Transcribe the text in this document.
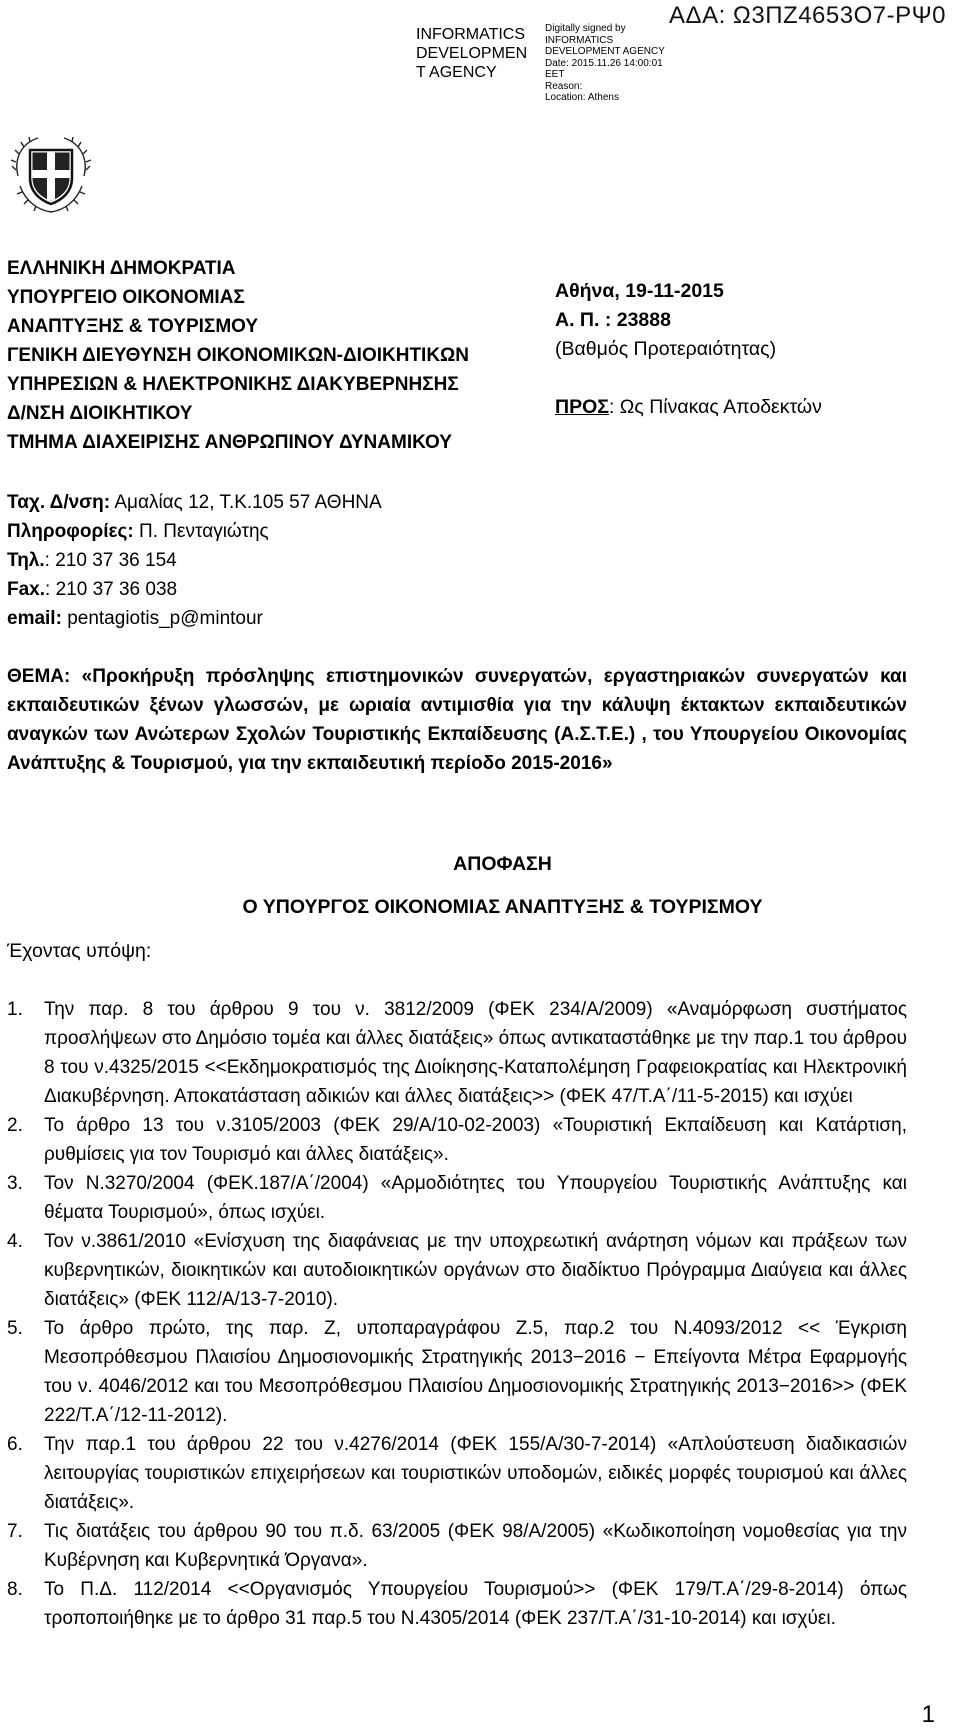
ΑΔΑ: Ω3ΠΖ4653Ο7-ΡΨ0
INFORMATICS
DEVELOPMEN
T AGENCY
Digitally signed by
INFORMATICS
DEVELOPMENT AGENCY
Date: 2015.11.26 14:00:01
EET
Reason:
Location: Athens
ΕΛΛΗΝΙΚΗ ΔΗΜΟΚΡΑΤΙΑ
ΥΠΟΥΡΓΕΙΟ ΟΙΚΟΝΟΜΙΑΣ
ΑΝΑΠΤΥΞΗΣ & ΤΟΥΡΙΣΜΟΥ
ΓΕΝΙΚΗ ΔΙΕΥΘΥΝΣΗ ΟΙΚΟΝΟΜΙΚΩΝ-ΔΙΟΙΚΗΤΙΚΩΝ
ΥΠΗΡΕΣΙΩΝ & ΗΛΕΚΤΡΟΝΙΚΗΣ ΔΙΑΚΥΒΕΡΝΗΣΗΣ
Δ/ΝΣΗ ΔΙΟΙΚΗΤΙΚΟΥ
ΤΜΗΜΑ ΔΙΑΧΕΙΡΙΣΗΣ ΑΝΘΡΩΠΙΝΟΥ ΔΥΝΑΜΙΚΟΥ
Αθήνα, 19-11-2015
Α. Π. : 23888
(Βαθμός Προτεραιότητας)
ΠΡΟΣ: Ως Πίνακας Αποδεκτών
Ταχ. Δ/νση: Αμαλίας 12, Τ.Κ.105 57 ΑΘΗΝΑ
Πληροφορίες: Π. Πενταγιώτης
Τηλ.: 210 37 36 154
Fax.: 210 37 36 038
email: pentagiotis_p@mintour
ΘΕΜΑ: «Προκήρυξη πρόσληψης επιστημονικών συνεργατών, εργαστηριακών συνεργατών και εκπαιδευτικών ξένων γλωσσών, με ωριαία αντιμισθία για την κάλυψη έκτακτων εκπαιδευτικών αναγκών των Ανώτερων Σχολών Τουριστικής Εκπαίδευσης (Α.Σ.Τ.Ε.) , του Υπουργείου Οικονομίας Ανάπτυξης & Τουρισμού, για την εκπαιδευτική περίοδο 2015-2016»
ΑΠΟΦΑΣΗ
Ο ΥΠΟΥΡΓΟΣ ΟΙΚΟΝΟΜΙΑΣ ΑΝΑΠΤΥΞΗΣ & ΤΟΥΡΙΣΜΟΥ
Έχοντας υπόψη:
1.	Την παρ. 8 του άρθρου 9 του ν. 3812/2009 (ΦΕΚ 234/Α/2009) «Αναμόρφωση συστήματος προσλήψεων στο Δημόσιο τομέα και άλλες διατάξεις» όπως αντικαταστάθηκε με την παρ.1 του άρθρου 8 του ν.4325/2015 <<Εκδημοκρατισμός της Διοίκησης-Καταπολέμηση Γραφειοκρατίας και Ηλεκτρονική Διακυβέρνηση. Αποκατάσταση αδικιών και άλλες διατάξεις>> (ΦΕΚ 47/Τ.Α΄/11-5-2015) και ισχύει
2.	Το άρθρο 13 του ν.3105/2003 (ΦΕΚ 29/Α/10-02-2003) «Τουριστική Εκπαίδευση και Κατάρτιση, ρυθμίσεις για τον Τουρισμό και άλλες διατάξεις».
3.	Τον Ν.3270/2004 (ΦΕΚ.187/Α΄/2004) «Αρμοδιότητες του Υπουργείου Τουριστικής Ανάπτυξης και θέματα Τουρισμού», όπως ισχύει.
4.	Τον ν.3861/2010 «Ενίσχυση της διαφάνειας με την υποχρεωτική ανάρτηση νόμων και πράξεων των κυβερνητικών, διοικητικών και αυτοδιοικητικών οργάνων στο διαδίκτυο Πρόγραμμα Διαύγεια και άλλες διατάξεις» (ΦΕΚ 112/Α/13-7-2010).
5.	Το άρθρο πρώτο, της παρ. Ζ, υποπαραγράφου Ζ.5, παρ.2 του Ν.4093/2012 << Έγκριση Μεσοπρόθεσμου Πλαισίου Δημοσιονομικής Στρατηγικής 2013−2016 − Επείγοντα Μέτρα Εφαρμογής του ν. 4046/2012 και του Μεσοπρόθεσμου Πλαισίου Δημοσιονομικής Στρατηγικής 2013−2016>> (ΦΕΚ 222/Τ.Α΄/12-11-2012).
6.	Την παρ.1 του άρθρου 22 του ν.4276/2014 (ΦΕΚ 155/Α/30-7-2014) «Απλούστευση διαδικασιών λειτουργίας τουριστικών επιχειρήσεων και τουριστικών υποδομών, ειδικές μορφές τουρισμού και άλλες διατάξεις».
7.	Τις διατάξεις του άρθρου 90 του π.δ. 63/2005 (ΦΕΚ 98/Α/2005) «Κωδικοποίηση νομοθεσίας για την Κυβέρνηση και Κυβερνητικά Όργανα».
8.	Το Π.Δ. 112/2014 <<Οργανισμός Υπουργείου Τουρισμού>> (ΦΕΚ 179/Τ.Α΄/29-8-2014) όπως τροποποιήθηκε με το άρθρο 31 παρ.5 του Ν.4305/2014 (ΦΕΚ 237/Τ.Α΄/31-10-2014) και ισχύει.
1
